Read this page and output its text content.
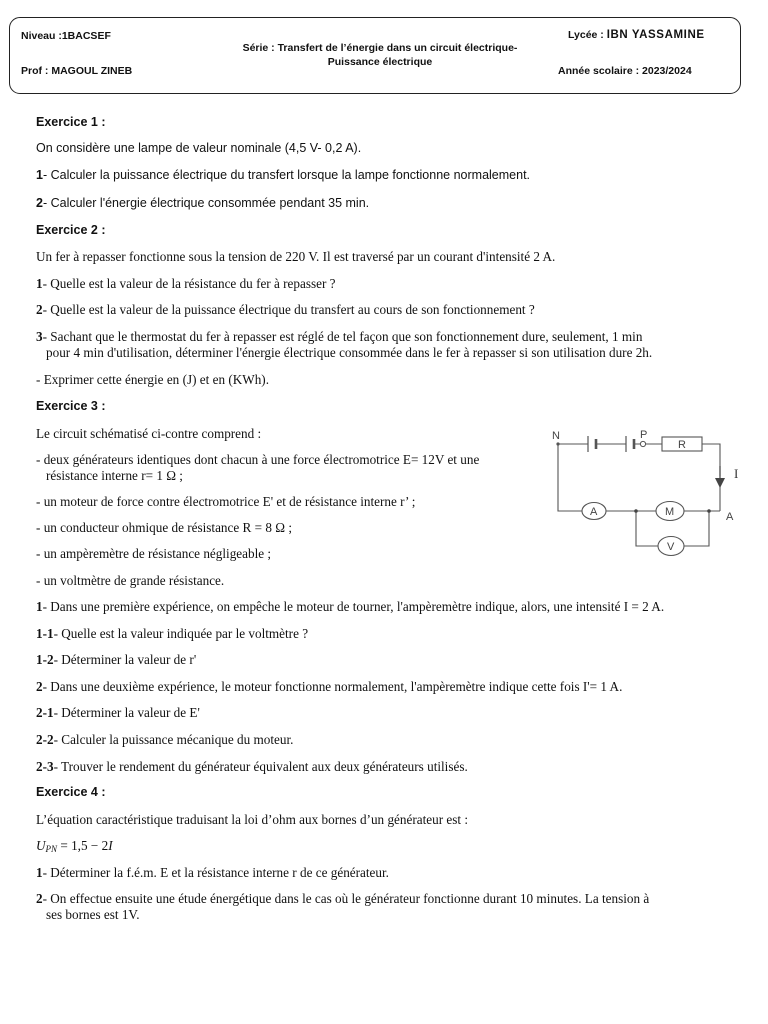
Niveau :1BACSEF
Prof : MAGOUL ZINEB
Lycée : IBN YASSAMINE
Année scolaire : 2023/2024
Série : Transfert de l’énergie dans un circuit électrique-
Puissance électrique
Exercice 1 :
On considère une lampe de valeur nominale (4,5 V- 0,2 A).
1- Calculer la puissance électrique du transfert lorsque la lampe fonctionne normalement.
2- Calculer l'énergie électrique consommée pendant 35 min.
Exercice 2 :
Un fer à repasser fonctionne sous la tension de 220 V. Il est traversé par un courant d'intensité 2 A.
1- Quelle est la valeur de la résistance du fer à repasser ?
2- Quelle est la valeur de la puissance électrique du transfert au cours de son fonctionnement ?
3- Sachant que le thermostat du fer à repasser est réglé de tel façon que son fonctionnement dure, seulement, 1 min
pour 4 min d'utilisation, déterminer l'énergie électrique consommée dans le fer à repasser si son utilisation dure 2h.
- Exprimer cette énergie en (J) et en (KWh).
Exercice 3 :
Le circuit schématisé ci-contre comprend :
- deux générateurs identiques dont chacun à une force électromotrice E= 12V et une
résistance interne r= 1 Ω ;
- un moteur de force contre électromotrice E' et de résistance interne r’ ;
- un conducteur ohmique de résistance R = 8 Ω ;
- un ampèremètre de résistance négligeable ;
- un voltmètre de grande résistance.
1- Dans une première expérience, on empêche le moteur de tourner, l'ampèremètre indique, alors, une intensité I = 2 A.
1-1- Quelle est la valeur indiquée par le voltmètre ?
1-2- Déterminer la valeur de r'
2- Dans une deuxième expérience, le moteur fonctionne normalement, l'ampèremètre indique cette fois I'= 1 A.
2-1- Déterminer la valeur de E'
2-2- Calculer la puissance mécanique du moteur.
2-3- Trouver le rendement du générateur équivalent aux deux générateurs utilisés.
Exercice 4 :
L’équation caractéristique traduisant la loi d’ohm aux bornes d’un générateur est :
$U_{PN} = 1,5 - 2I$
1- Déterminer la f.é.m. E et la résistance interne r de ce générateur.
2- On effectue ensuite une étude énergétique dans le cas où le générateur fonctionne durant 10 minutes. La tension à
ses bornes est 1V.
N	P
R
A
A	M
V
I
